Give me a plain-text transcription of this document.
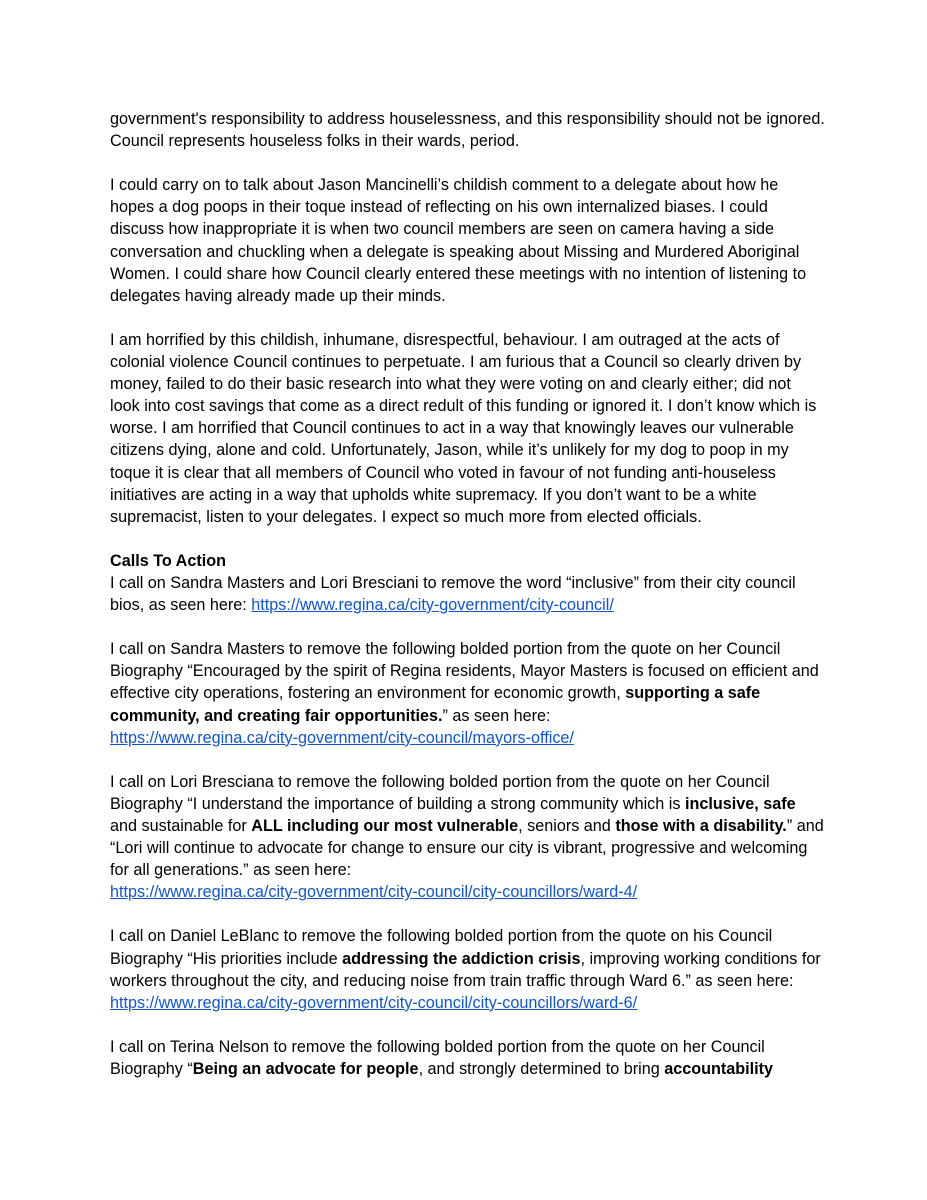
government's responsibility to address houselessness, and this responsibility should not be ignored. Council represents houseless folks in their wards, period.

I could carry on to talk about Jason Mancinelli’s childish comment to a delegate about how he hopes a dog poops in their toque instead of reflecting on his own internalized biases. I could discuss how inappropriate it is when two council members are seen on camera having a side conversation and chuckling when a delegate is speaking about Missing and Murdered Aboriginal Women. I could share how Council clearly entered these meetings with no intention of listening to delegates having already made up their minds.

I am horrified by this childish, inhumane, disrespectful, behaviour. I am outraged at the acts of colonial violence Council continues to perpetuate. I am furious that a Council so clearly driven by money, failed to do their basic research into what they were voting on and clearly either; did not look into cost savings that come as a direct redult of this funding or ignored it. I don’t know which is worse. I am horrified that Council continues to act in a way that knowingly leaves our vulnerable citizens dying, alone and cold. Unfortunately, Jason, while it’s unlikely for my dog to poop in my toque it is clear that all members of Council who voted in favour of not funding anti-houseless initiatives are acting in a way that upholds white supremacy. If you don’t want to be a white supremacist, listen to your delegates. I expect so much more from elected officials.

Calls To Action

I call on Sandra Masters and Lori Bresciani to remove the word “inclusive” from their city council bios, as seen here: https://www.regina.ca/city-government/city-council/

I call on Sandra Masters to remove the following bolded portion from the quote on her Council Biography “Encouraged by the spirit of Regina residents, Mayor Masters is focused on efficient and effective city operations, fostering an environment for economic growth, supporting a safe community, and creating fair opportunities.” as seen here:
https://www.regina.ca/city-government/city-council/mayors-office/

I call on Lori Bresciana to remove the following bolded portion from the quote on her Council Biography “I understand the importance of building a strong community which is inclusive, safe and sustainable for ALL including our most vulnerable, seniors and those with a disability.” and “Lori will continue to advocate for change to ensure our city is vibrant, progressive and welcoming for all generations.” as seen here:
https://www.regina.ca/city-government/city-council/city-councillors/ward-4/

I call on Daniel LeBlanc to remove the following bolded portion from the quote on his Council Biography “His priorities include addressing the addiction crisis, improving working conditions for workers throughout the city, and reducing noise from train traffic through Ward 6.” as seen here: https://www.regina.ca/city-government/city-council/city-councillors/ward-6/

I call on Terina Nelson to remove the following bolded portion from the quote on her Council Biography “Being an advocate for people, and strongly determined to bring accountability
